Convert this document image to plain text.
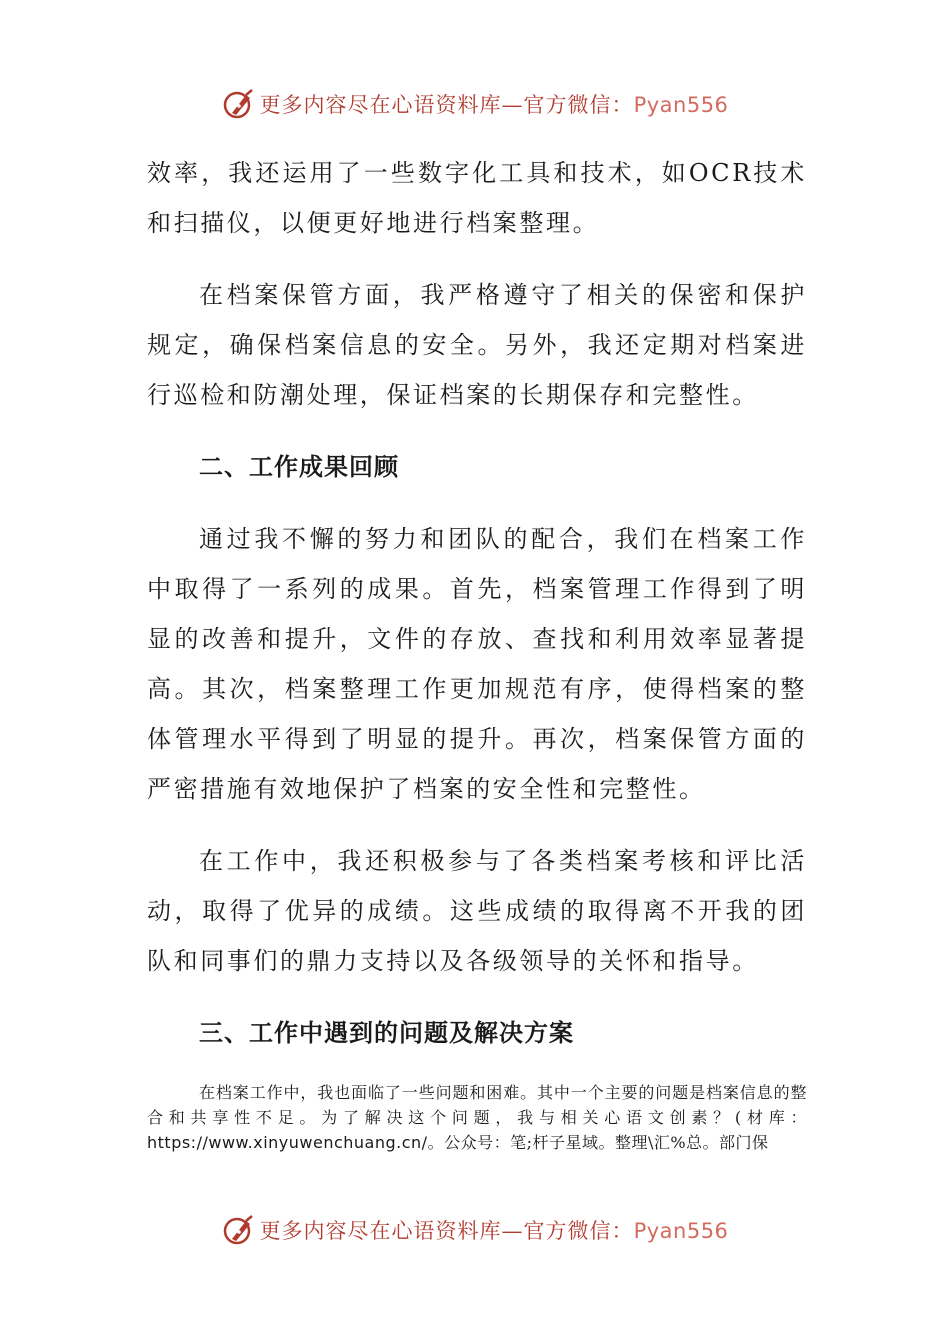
更多内容尽在心语资料库—官方微信：Pyan556

效率，我还运用了一些数字化工具和技术，如OCR技术和扫描仪，以便更好地进行档案整理。

在档案保管方面，我严格遵守了相关的保密和保护规定，确保档案信息的安全。另外，我还定期对档案进行巡检和防潮处理，保证档案的长期保存和完整性。

二、工作成果回顾

通过我不懈的努力和团队的配合，我们在档案工作中取得了一系列的成果。首先，档案管理工作得到了明显的改善和提升，文件的存放、查找和利用效率显著提高。其次，档案整理工作更加规范有序，使得档案的整体管理水平得到了明显的提升。再次，档案保管方面的严密措施有效地保护了档案的安全性和完整性。

在工作中，我还积极参与了各类档案考核和评比活动，取得了优异的成绩。这些成绩的取得离不开我的团队和同事们的鼎力支持以及各级领导的关怀和指导。

三、工作中遇到的问题及解决方案

在档案工作中，我也面临了一些问题和困难。其中一个主要的问题是档案信息的整合和共享性不足。为了解决这个问题，我与相关心语文创素？(材库：https://www.xinyuwenchuang.cn/。公众号：笔;杆子星域。整理\汇%总。部门保

更多内容尽在心语资料库—官方微信：Pyan556
